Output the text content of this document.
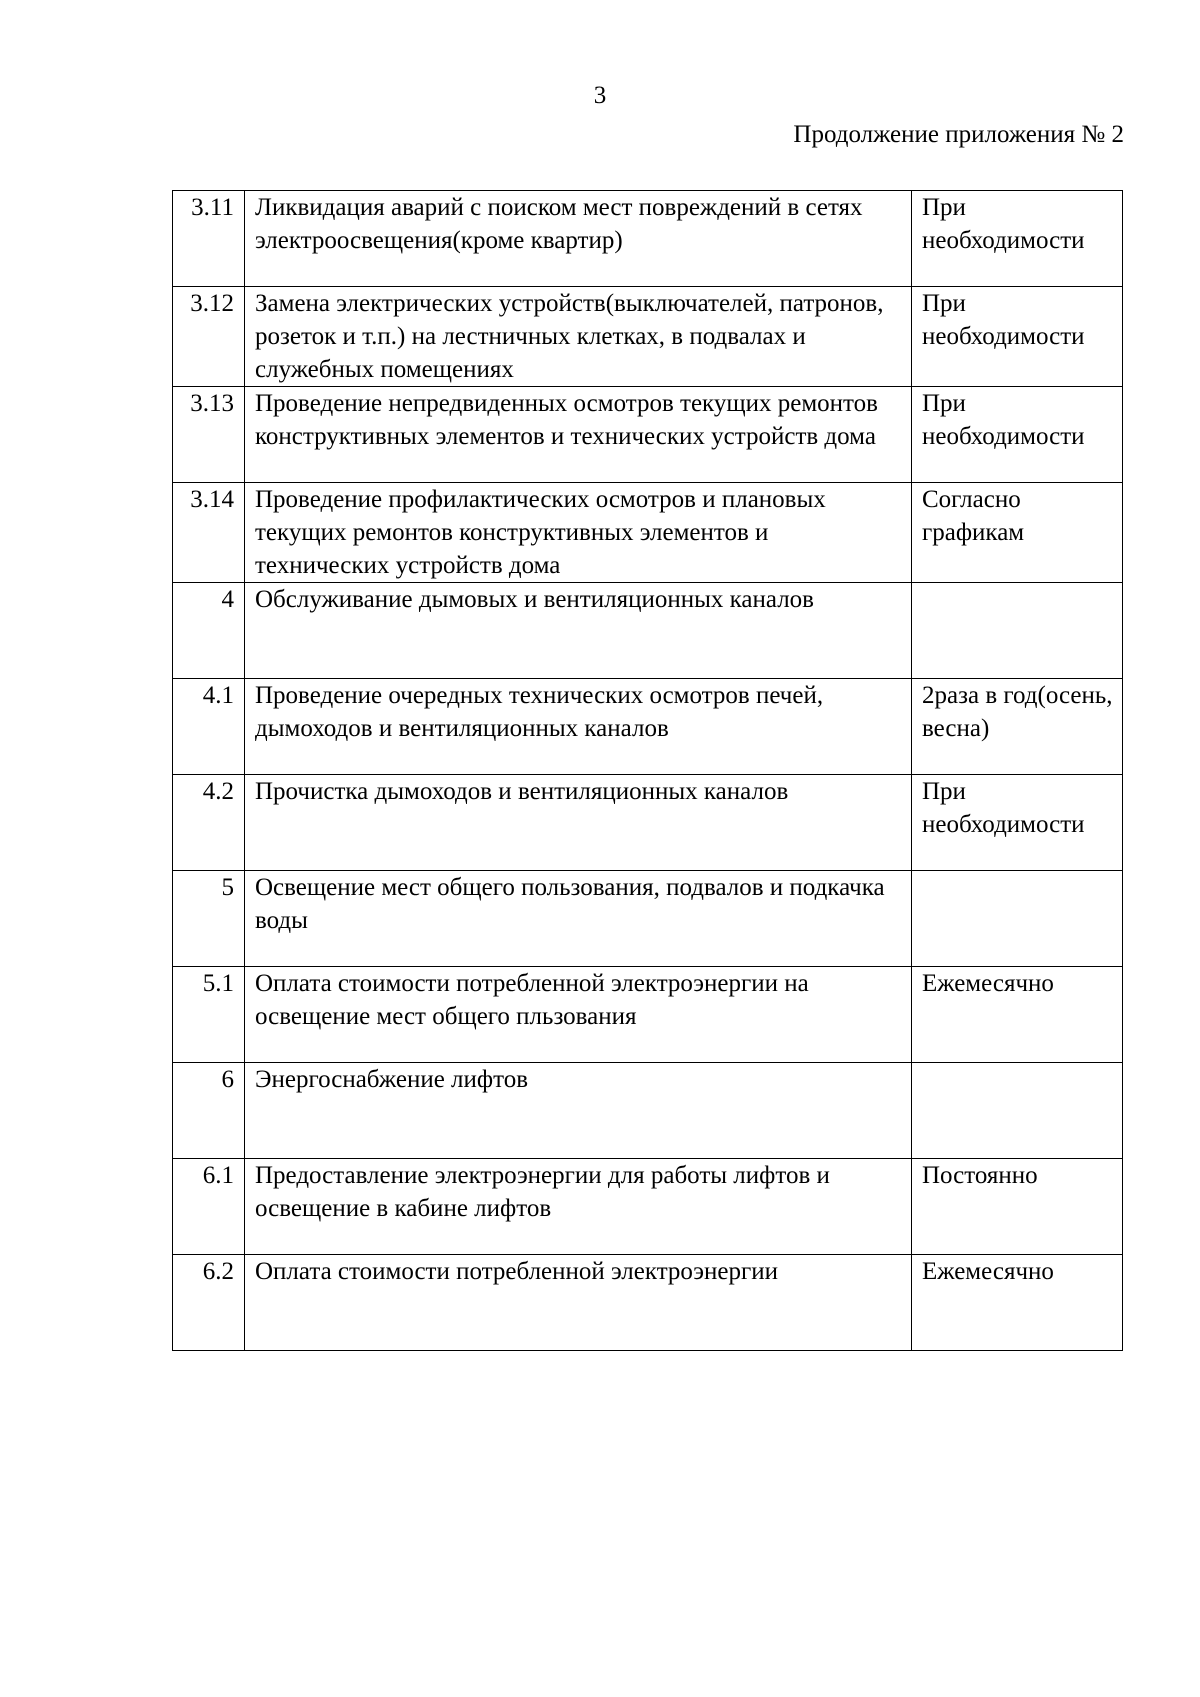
3
Продолжение приложения № 2
3.11	Ликвидация аварий с поиском мест повреждений в сетях электроосвещения(кроме квартир)	При необходимости
3.12	Замена электрических устройств(выключателей, патронов, розеток и т.п.) на лестничных клетках, в подвалах и служебных помещениях	При необходимости
3.13	Проведение непредвиденных осмотров текущих ремонтов конструктивных элементов и технических устройств дома	При необходимости
3.14	Проведение профилактических осмотров и плановых текущих ремонтов конструктивных элементов и технических устройств дома	Согласно графикам
4	Обслуживание дымовых и вентиляционных каналов	
4.1	Проведение очередных технических осмотров печей, дымоходов и вентиляционных каналов	2раза в год(осень, весна)
4.2	Прочистка дымоходов и вентиляционных каналов	При необходимости
5	Освещение мест общего пользования, подвалов и подкачка воды	
5.1	Оплата стоимости потребленной электроэнергии на освещение мест общего пльзования	Ежемесячно
6	Энергоснабжение лифтов	
6.1	Предоставление электроэнергии для работы лифтов и освещение в кабине лифтов	Постоянно
6.2	Оплата стоимости потребленной электроэнергии	Ежемесячно
